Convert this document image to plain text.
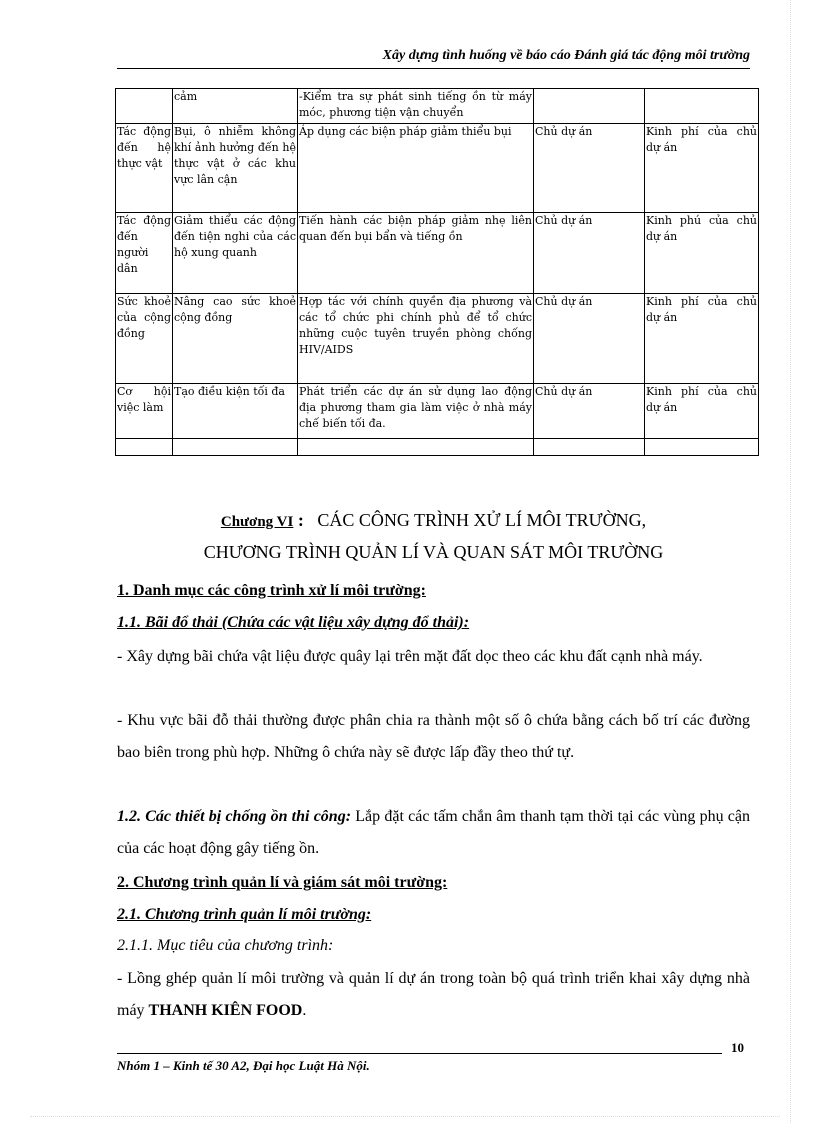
Xây dựng tình huống về báo cáo Đánh giá tác động môi trường
	cảm	-Kiểm tra sự phát sinh tiếng ồn từ máy móc, phương tiện vận chuyển		
Tác động đến hệ thực vật	Bụi, ô nhiễm không khí ảnh hưởng đến hệ thực vật ở các khu vực lân cận	Áp dụng các biện pháp giảm thiểu bụi	Chủ dự án	Kinh phí của chủ dự án
Tác động đến người dân	Giảm thiểu các động đến tiện nghi của các hộ xung quanh	Tiến hành các biện pháp giảm nhẹ liên quan đến bụi bẩn và tiếng ồn	Chủ dự án	Kinh phú của chủ dự án
Sức khoẻ của cộng đồng	Nâng cao sức khoẻ cộng đồng	Hợp tác với chính quyền địa phương và các tổ chức phi chính phủ để tổ chức những cuộc tuyên truyền phòng chống HIV/AIDS	Chủ dự án	Kinh phí của chủ dự án
Cơ hội việc làm	Tạo điều kiện tối đa	Phát triển các dự án sử dụng lao động địa phương tham gia làm việc ở nhà máy chế biến tối đa.	Chủ dự án	Kinh phí của chủ dự án

Chương VI : CÁC CÔNG TRÌNH XỬ LÍ MÔI TRƯỜNG,
CHƯƠNG TRÌNH QUẢN LÍ VÀ QUAN SÁT MÔI TRƯỜNG
1. Danh mục các công trình xử lí môi trường:
1.1. Bãi đổ thải (Chứa các vật liệu xây dựng đổ thải):
- Xây dựng bãi chứa vật liệu được quây lại trên mặt đất dọc theo các khu đất cạnh nhà máy.
- Khu vực bãi đỗ thải thường được phân chia ra thành một số ô chứa bằng cách bố trí các đường bao biên trong phù hợp. Những ô chứa này sẽ được lấp đầy theo thứ tự.
1.2. Các thiết bị chống ồn thi công: Lắp đặt các tấm chắn âm thanh tạm thời tại các vùng phụ cận của các hoạt động gây tiếng ồn.
2. Chương trình quản lí và giám sát môi trường:
2.1. Chương trình quản lí môi trường:
2.1.1. Mục tiêu của chương trình:
- Lồng ghép quản lí môi trường và quản lí dự án trong toàn bộ quá trình triển khai xây dựng nhà máy THANH KIÊN FOOD.
10
Nhóm 1 – Kinh tế 30 A2, Đại học Luật Hà Nội.
